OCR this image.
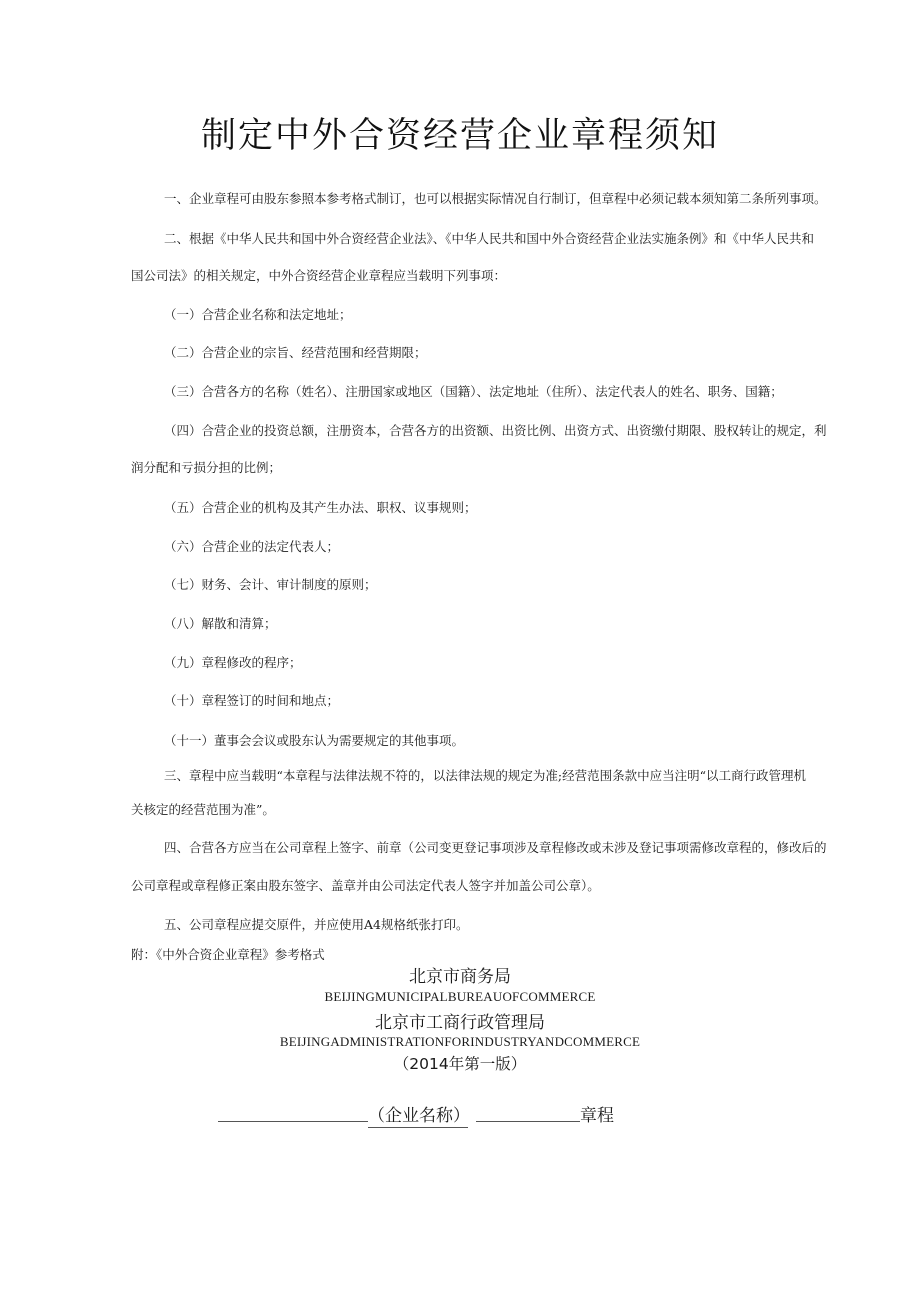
制定中外合资经营企业章程须知
一、企业章程可由股东参照本参考格式制订，也可以根据实际情况自行制订，但章程中必须记载本须知第二条所列事项。
二、根据《中华人民共和国中外合资经营企业法》、《中华人民共和国中外合资经营企业法实施条例》和《中华人民共和
国公司法》的相关规定，中外合资经营企业章程应当载明下列事项：
（一）合营企业名称和法定地址；
（二）合营企业的宗旨、经营范围和经营期限；
（三）合营各方的名称（姓名）、注册国家或地区（国籍）、法定地址（住所）、法定代表人的姓名、职务、国籍；
（四）合营企业的投资总额，注册资本，合营各方的出资额、出资比例、出资方式、出资缴付期限、股权转让的规定，利
润分配和亏损分担的比例；
（五）合营企业的机构及其产生办法、职权、议事规则；
（六）合营企业的法定代表人；
（七）财务、会计、审计制度的原则；
（八）解散和清算；
（九）章程修改的程序；
（十）章程签订的时间和地点；
（十一）董事会会议或股东认为需要规定的其他事项。
三、章程中应当载明“本章程与法律法规不符的，以法律法规的规定为准;经营范围条款中应当注明“以工商行政管理机
关核定的经营范围为准”。
四、合营各方应当在公司章程上签字、前章（公司变更登记事项涉及章程修改或未涉及登记事项需修改章程的，修改后的
公司章程或章程修正案由股东签字、盖章并由公司法定代表人签字并加盖公司公章）。
五、公司章程应提交原件，并应使用A4规格纸张打印。
附：《中外合资企业章程》参考格式
北京市商务局
BEIJINGMUNICIPALBUREAUOFCOMMERCE
北京市工商行政管理局
BEIJINGADMINISTRATIONFORINDUSTRYANDCOMMERCE
（2014年第一版）
（企业名称）	章程
